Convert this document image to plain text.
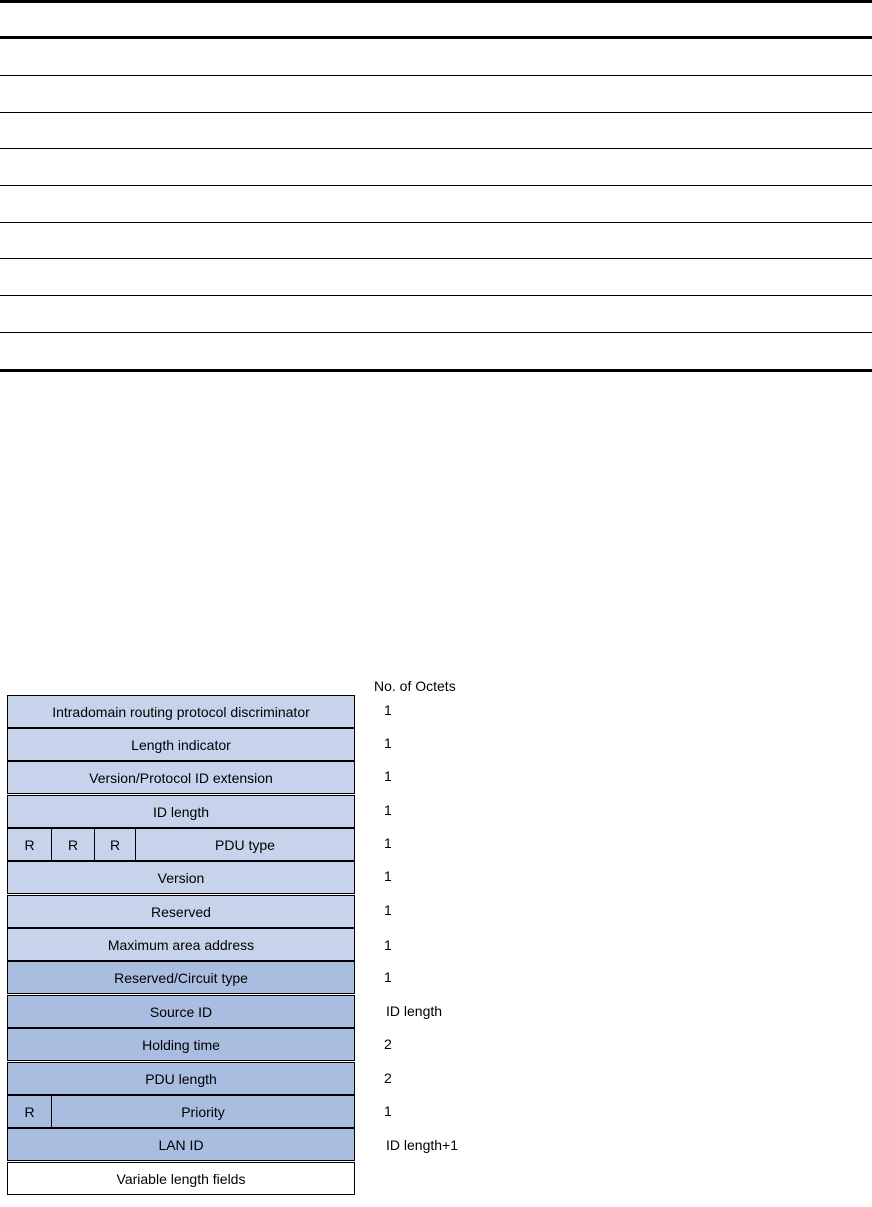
No. of Octets
Intradomain routing protocol discriminator	1
Length indicator	1
Version/Protocol ID extension	1
ID length	1
R	R	R	PDU type	1
Version	1
Reserved	1
Maximum area address	1
Reserved/Circuit type	1
Source ID	ID length
Holding time	2
PDU length	2
R	Priority	1
LAN ID	ID length+1
Variable length fields
